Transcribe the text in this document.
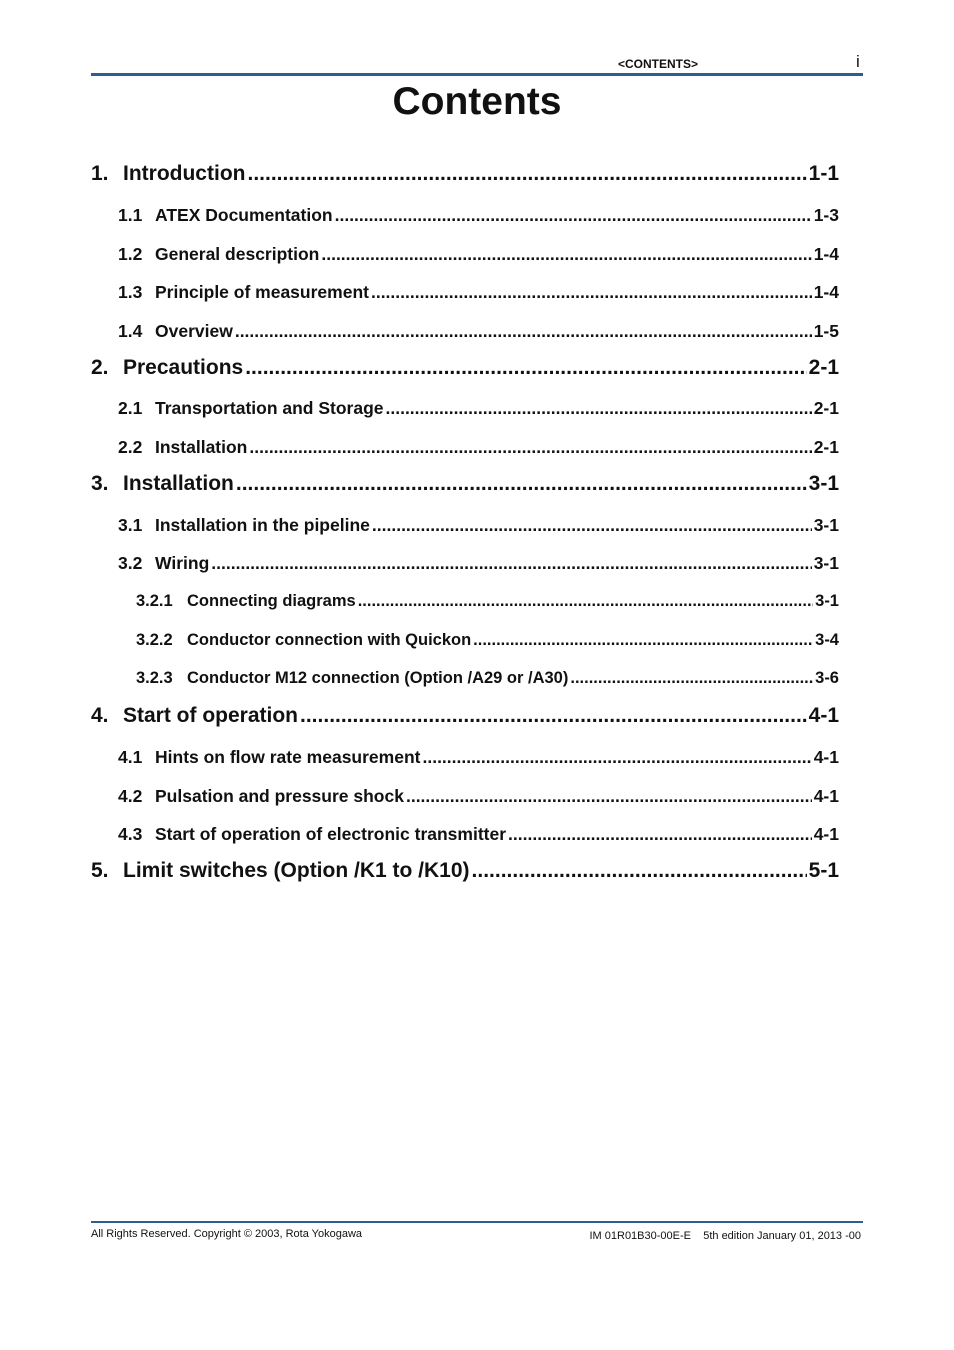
<CONTENTS>	i
Contents
1. Introduction .....	1-1
1.1 ATEX Documentation .....	1-3
1.2 General description .....	1-4
1.3 Principle of measurement .....	1-4
1.4 Overview .....	1-5
2. Precautions .....	2-1
2.1 Transportation and Storage .....	2-1
2.2 Installation .....	2-1
3. Installation .....	3-1
3.1 Installation in the pipeline .....	3-1
3.2 Wiring .....	3-1
3.2.1 Connecting diagrams .....	3-1
3.2.2 Conductor connection with Quickon .....	3-4
3.2.3 Conductor M12 connection (Option /A29 or /A30) .....	3-6
4. Start of operation .....	4-1
4.1 Hints on flow rate measurement .....	4-1
4.2 Pulsation and pressure shock .....	4-1
4.3 Start of operation of electronic transmitter .....	4-1
5. Limit switches (Option /K1 to /K10) .....	5-1
All Rights Reserved. Copyright © 2003, Rota Yokogawa	IM 01R01B30-00E-E 5th edition January 01, 2013 -00
